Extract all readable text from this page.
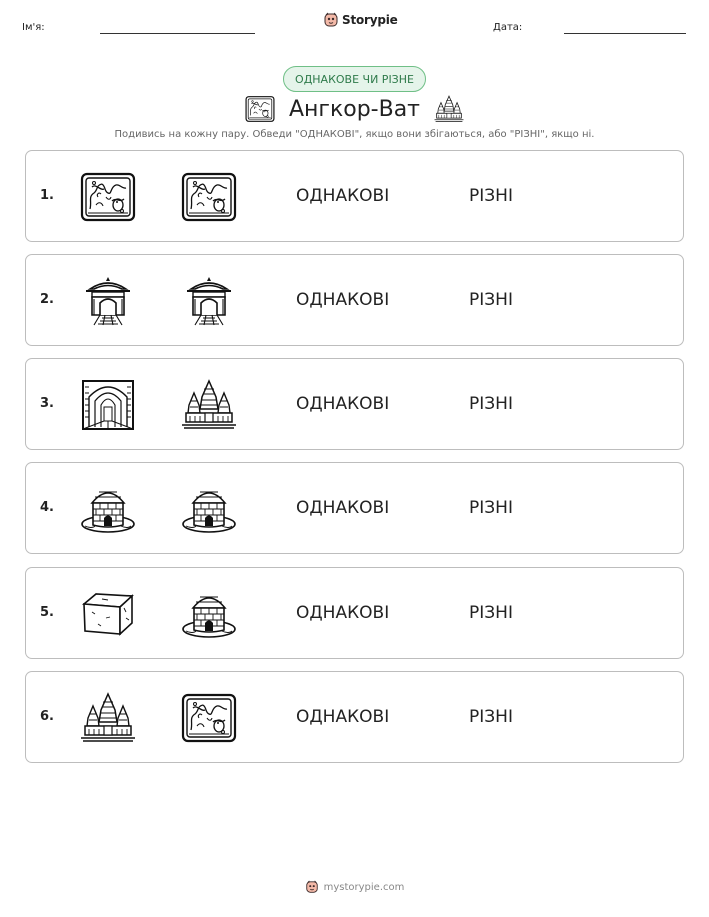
Ім'я:
Storypie
Дата:
ОДНАКОВЕ ЧИ РІЗНЕ
Ангкор-Ват
Подивись на кожну пару. Обведи "ОДНАКОВІ", якщо вони збігаються, або "РІЗНІ", якщо ні.
1.	ОДНАКОВІ	РІЗНІ
2.	ОДНАКОВІ	РІЗНІ
3.	ОДНАКОВІ	РІЗНІ
4.	ОДНАКОВІ	РІЗНІ
5.	ОДНАКОВІ	РІЗНІ
6.	ОДНАКОВІ	РІЗНІ
mystorypie.com
